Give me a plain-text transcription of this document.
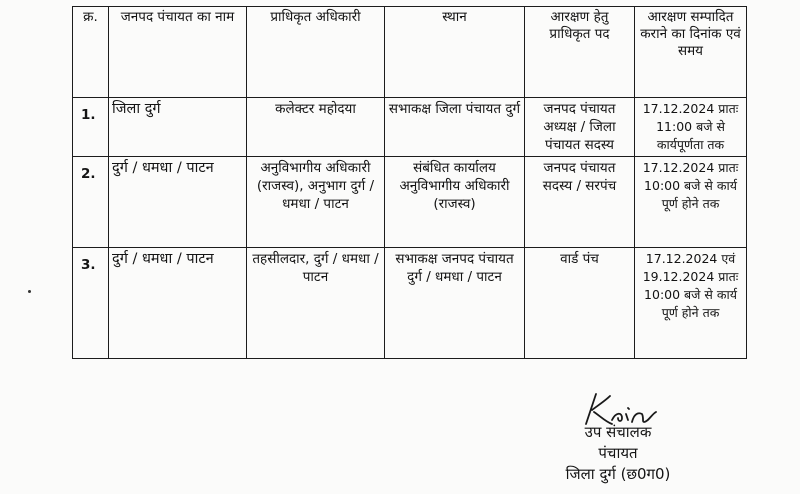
क्र.	जनपद पंचायत का नाम	प्राधिकृत अधिकारी	स्थान	आरक्षण हेतु प्राधिकृत पद	आरक्षण सम्पादित कराने का दिनांक एवं समय
1.	जिला दुर्ग	कलेक्टर महोदया	सभाकक्ष जिला पंचायत दुर्ग	जनपद पंचायत अध्यक्ष / जिला पंचायत सदस्य	17.12.2024 प्रातः 11:00 बजे से कार्यपूर्णता तक
2.	दुर्ग / धमधा / पाटन	अनुविभागीय अधिकारी (राजस्व), अनुभाग दुर्ग / धमधा / पाटन	संबंधित कार्यालय अनुविभागीय अधिकारी (राजस्व)	जनपद पंचायत सदस्य / सरपंच	17.12.2024 प्रातः 10:00 बजे से कार्य पूर्ण होने तक
3.	दुर्ग / धमधा / पाटन	तहसीलदार, दुर्ग / धमधा / पाटन	सभाकक्ष जनपद पंचायत दुर्ग / धमधा / पाटन	वार्ड पंच	17.12.2024 एवं 19.12.2024 प्रातः 10:00 बजे से कार्य पूर्ण होने तक
उप संचालक
पंचायत
जिला दुर्ग (छ0ग0)
